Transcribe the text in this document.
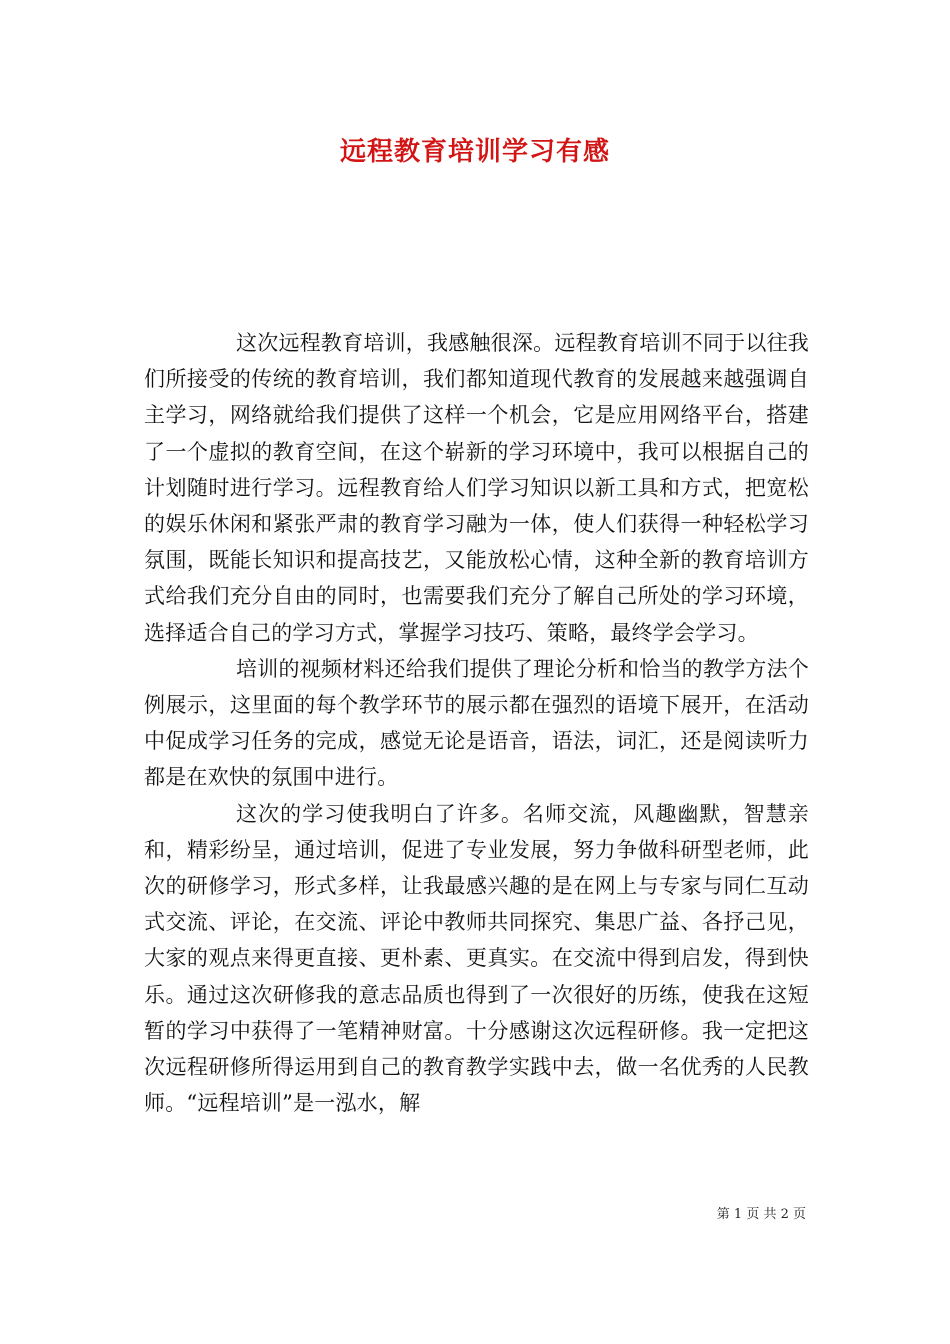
远程教育培训学习有感

这次远程教育培训，我感触很深。远程教育培训不同于以往我们所接受的传统的教育培训，我们都知道现代教育的发展越来越强调自主学习，网络就给我们提供了这样一个机会，它是应用网络平台，搭建了一个虚拟的教育空间，在这个崭新的学习环境中，我可以根据自己的计划随时进行学习。远程教育给人们学习知识以新工具和方式，把宽松的娱乐休闲和紧张严肃的教育学习融为一体，使人们获得一种轻松学习氛围，既能长知识和提高技艺，又能放松心情，这种全新的教育培训方式给我们充分自由的同时，也需要我们充分了解自己所处的学习环境，选择适合自己的学习方式，掌握学习技巧、策略，最终学会学习。

培训的视频材料还给我们提供了理论分析和恰当的教学方法个例展示，这里面的每个教学环节的展示都在强烈的语境下展开，在活动中促成学习任务的完成，感觉无论是语音，语法，词汇，还是阅读听力都是在欢快的氛围中进行。

这次的学习使我明白了许多。名师交流，风趣幽默，智慧亲和，精彩纷呈，通过培训，促进了专业发展，努力争做科研型老师，此次的研修学习，形式多样，让我最感兴趣的是在网上与专家与同仁互动式交流、评论，在交流、评论中教师共同探究、集思广益、各抒己见，大家的观点来得更直接、更朴素、更真实。在交流中得到启发，得到快乐。通过这次研修我的意志品质也得到了一次很好的历练，使我在这短暂的学习中获得了一笔精神财富。十分感谢这次远程研修。我一定把这次远程研修所得运用到自己的教育教学实践中去，做一名优秀的人民教师。“远程培训”是一泓水，解

第 1 页 共 2 页
